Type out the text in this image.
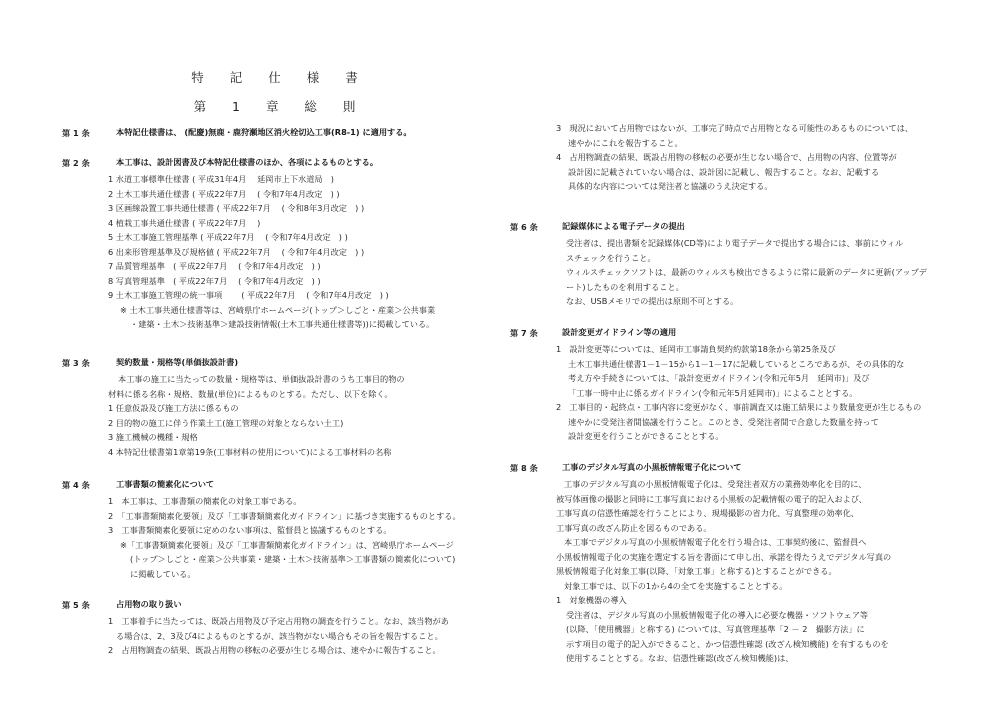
特 記 仕 様 書
第 1 章 総 則
第 1 条	本特記仕様書は、 (配慶)無鹿・鹿狩瀬地区消火栓切込工事(R8-1) に適用する。
第 2 条	本工事は、設計図書及び本特記仕様書のほか、各項によるものとする。
1 水道工事標準仕様書 ( 平成31年4月　 延岡市上下水道局　)
2 土木工事共通仕様書 ( 平成22年7月　 ( 令和7年4月改定　) )
3 区画線設置工事共通仕様書 ( 平成22年7月　 ( 令和8年3月改定　) )
4 植栽工事共通仕様書 ( 平成22年7月　 )
5 土木工事施工管理基準 ( 平成22年7月　 ( 令和7年4月改定　) )
6 出来形管理基準及び規格値 ( 平成22年7月　 ( 令和7年4月改定　) )
7 品質管理基準　( 平成22年7月　 ( 令和7年4月改定　) )
8 写真管理基準　( 平成22年7月　 ( 令和7年4月改定　) )
9 土木工事施工管理の統一事項　　 ( 平成22年7月　 ( 令和7年4月改定　) )
※ 土木工事共通仕様書等は、宮崎県庁ホームページ(トップ＞しごと・産業＞公共事業
・建築・土木＞技術基準＞建設技術情報(土木工事共通仕様書等))に掲載している。
第 3 条	契約数量・規格等(単価抜設計書)
本工事の施工に当たっての数量・規格等は、単価抜設計書のうち工事目的物の
材料に係る名称・規格、数量(単位)によるものとする。ただし、以下を除く。
1 任意仮設及び施工方法に係るもの
2 目的物の施工に伴う作業土工(施工管理の対象とならない土工)
3 施工機械の機種・規格
4 本特記仕様書第1章第19条(工事材料の使用について)による工事材料の名称
第 4 条	工事書類の簡素化について
1　本工事は、工事書類の簡素化の対象工事である。
2　「工事書類簡素化要領」及び「工事書類簡素化ガイドライン」に基づき実施するものとする。
3　工事書類簡素化要領に定めのない事項は、監督員と協議するものとする。
※「工事書類簡素化要領」及び「工事書類簡素化ガイドライン」は、宮崎県庁ホームページ
(トップ＞しごと・産業＞公共事業・建築・土木＞技術基準＞工事書類の簡素化について)
に掲載している。
第 5 条	占用物の取り扱い
1　工事着手に当たっては、既設占用物及び予定占用物の調査を行うこと。なお、該当物があ
る場合は、2、3及び4によるものとするが、該当物がない場合もその旨を報告すること。
2　占用物調査の結果、既設占用物の移転の必要が生じる場合は、速やかに報告すること。
3　現況において占用物ではないが、工事完了時点で占用物となる可能性のあるものについては、
速やかにこれを報告すること。
4　占用物調査の結果、既設占用物の移転の必要が生じない場合で、占用物の内容、位置等が
設計図に記載されていない場合は、設計図に記載し、報告すること。なお、記載する
具体的な内容については発注者と協議のうえ決定する。
第 6 条	記録媒体による電子データの提出
受注者は、提出書類を記録媒体(CD等)により電子データで提出する場合には、事前にウィル
スチェックを行うこと。
ウィルスチェックソフトは、最新のウィルスも検出できるように常に最新のデータに更新(アップデ
ート)したものを利用すること。
なお、USBメモリでの提出は原則不可とする。
第 7 条	設計変更ガイドライン等の適用
1　設計変更等については、延岡市工事請負契約約款第18条から第25条及び
土木工事共通仕様書1－1－15から1－1－17に記載しているところであるが、その具体的な
考え方や手続きについては、「設計変更ガイドライン(令和元年5月　延岡市)」及び
「工事一時中止に係るガイドライン(令和元年5月延岡市)」によることとする。
2　工事目的・起終点・工事内容に変更がなく、事前調査又は施工結果により数量変更が生じるもの
速やかに受発注者間協議を行うこと。このとき、受発注者間で合意した数量を持って
設計変更を行うことができることとする。
第 8 条	工事のデジタル写真の小黒板情報電子化について
工事のデジタル写真の小黒板情報電子化は、受発注者双方の業務効率化を目的に、
被写体画像の撮影と同時に工事写真における小黒板の記載情報の電子的記入および、
工事写真の信憑性確認を行うことにより、現場撮影の省力化、写真整理の効率化、
工事写真の改ざん防止を図るものである。
本工事でデジタル写真の小黒板情報電子化を行う場合は、工事契約後に、監督員へ
小黒板情報電子化の実施を選定する旨を書面にて申し出、承諾を得たうえでデジタル写真の
黒板情報電子化対象工事(以降、「対象工事」と称する)とすることができる。
対象工事では、以下の1から4の全てを実施することとする。
1　対象機器の導入
受注者は、デジタル写真の小黒板情報電子化の導入に必要な機器・ソフトウェア等
(以降、「使用機器」と称する) については、写真管理基準「2 － 2　撮影方法」に
示す項目の電子的記入ができること、かつ信憑性確認 (改ざん検知機能) を有するものを
使用することとする。なお、信憑性確認(改ざん検知機能)は、
